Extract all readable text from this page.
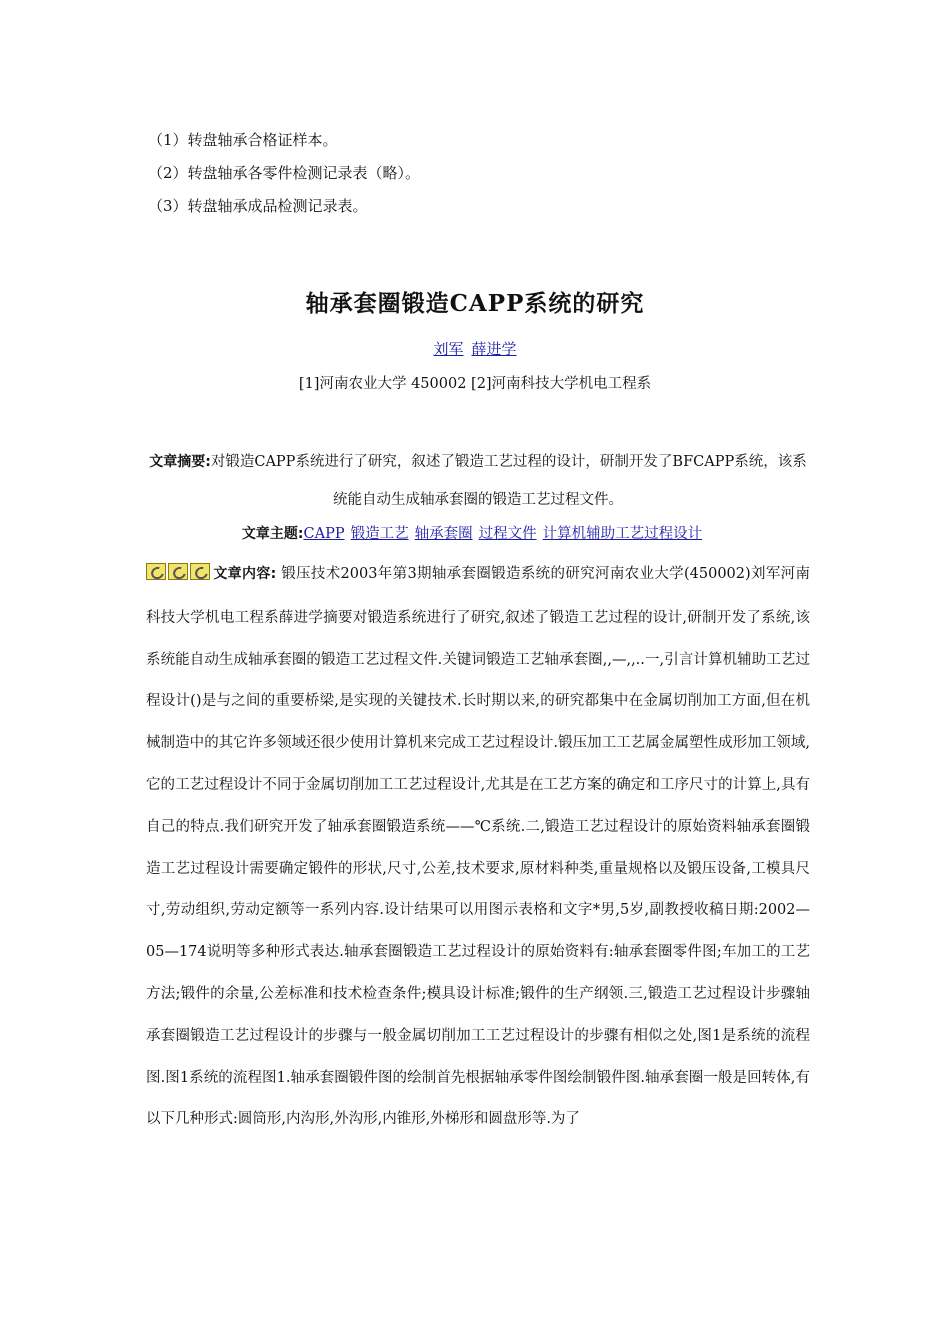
（1）转盘轴承合格证样本。
（2）转盘轴承各零件检测记录表（略）。
（3）转盘轴承成品检测记录表。
轴承套圈锻造CAPP系统的研究
刘军 薛进学
[1]河南农业大学 450002 [2]河南科技大学机电工程系
文章摘要:对锻造CAPP系统进行了研究，叙述了锻造工艺过程的设计，研制开发了BFCAPP系统，该系统能自动生成轴承套圈的锻造工艺过程文件。
文章主题:CAPP 锻造工艺 轴承套圈 过程文件 计算机辅助工艺过程设计
文章内容: 锻压技术2003年第3期轴承套圈锻造系统的研究河南农业大学(450002)刘军河南科技大学机电工程系薛进学摘要对锻造系统进行了研究,叙述了锻造工艺过程的设计,研制开发了系统,该系统能自动生成轴承套圈的锻造工艺过程文件.关键词锻造工艺轴承套圈,,—,,..一,引言计算机辅助工艺过程设计()是与之间的重要桥梁,是实现的关键技术.长时期以来,的研究都集中在金属切削加工方面,但在机械制造中的其它许多领域还很少使用计算机来完成工艺过程设计.锻压加工工艺属金属塑性成形加工领域,它的工艺过程设计不同于金属切削加工工艺过程设计,尤其是在工艺方案的确定和工序尺寸的计算上,具有自己的特点.我们研究开发了轴承套圈锻造系统——℃系统.二,锻造工艺过程设计的原始资料轴承套圈锻造工艺过程设计需要确定锻件的形状,尺寸,公差,技术要求,原材料种类,重量规格以及锻压设备,工模具尺寸,劳动组织,劳动定额等一系列内容.设计结果可以用图示表格和文字*男,5岁,副教授收稿日期:2002—05—174说明等多种形式表达.轴承套圈锻造工艺过程设计的原始资料有:轴承套圈零件图;车加工的工艺方法;锻件的余量,公差标准和技术检查条件;模具设计标准;锻件的生产纲领.三,锻造工艺过程设计步骤轴承套圈锻造工艺过程设计的步骤与一般金属切削加工工艺过程设计的步骤有相似之处,图1是系统的流程图.图1系统的流程图1.轴承套圈锻件图的绘制首先根据轴承零件图绘制锻件图.轴承套圈一般是回转体,有以下几种形式:圆筒形,内沟形,外沟形,内锥形,外梯形和圆盘形等.为了
